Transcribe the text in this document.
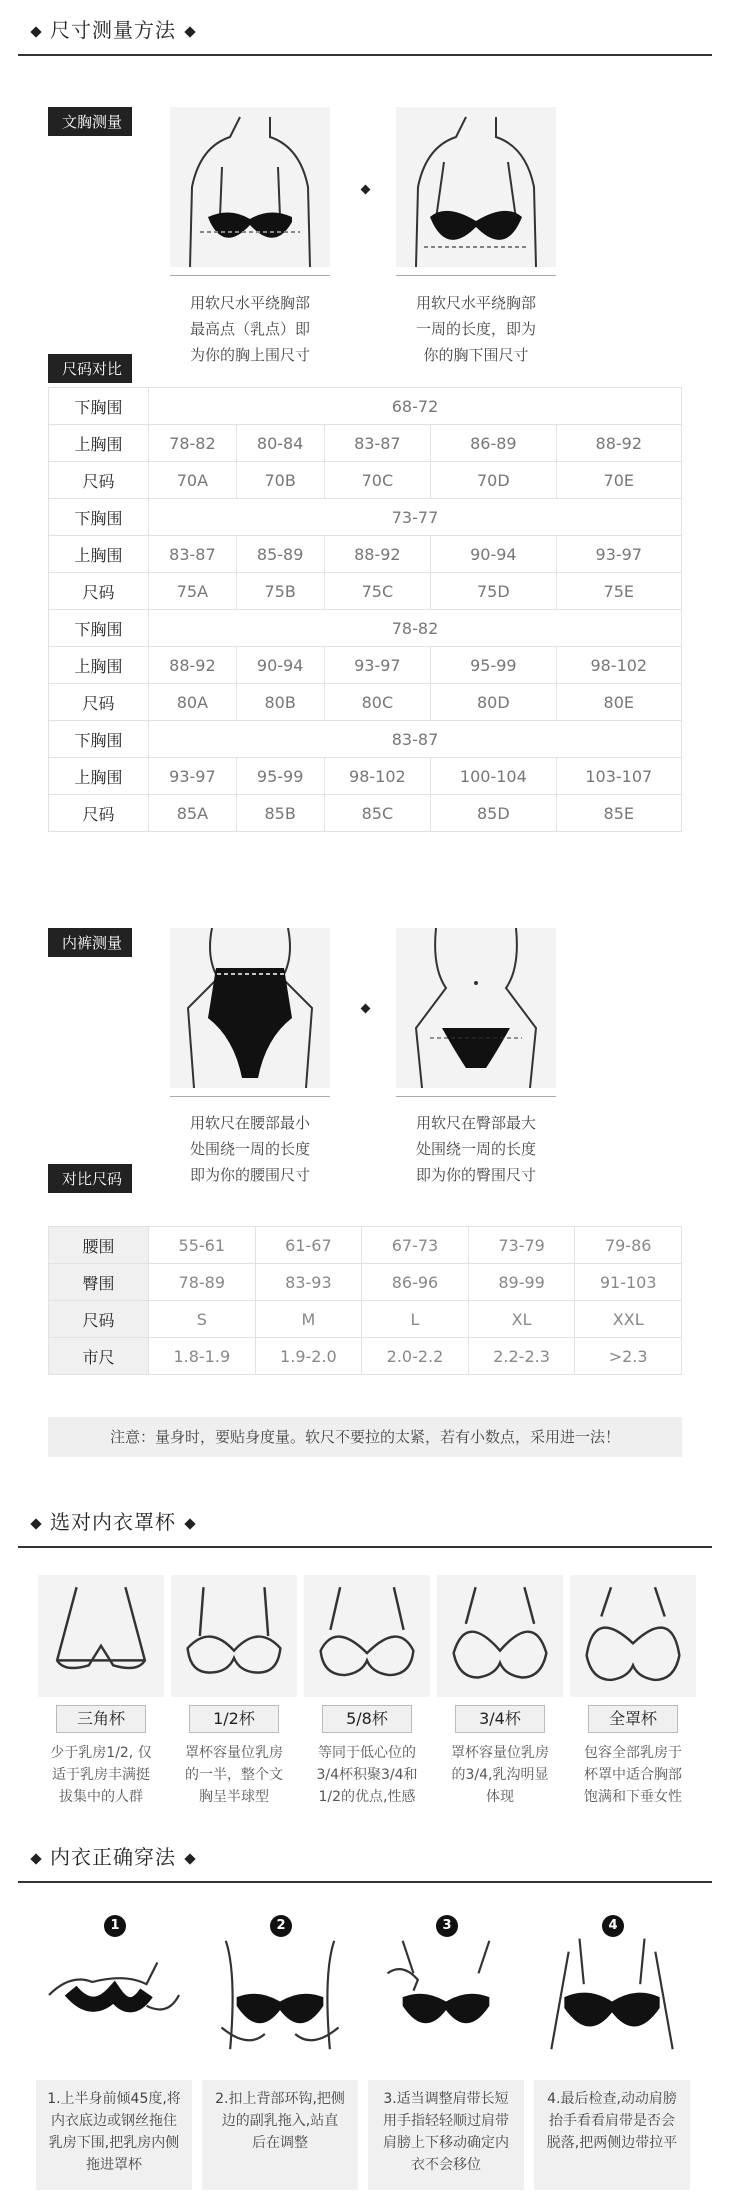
尺寸测量方法
文胸测量
用软尺水平绕胸部
最高点（乳点）即
为你的胸上围尺寸
用软尺水平绕胸部
一周的长度，即为
你的胸下围尺寸
尺码对比
下胸围	68-72				
上胸围	78-82	80-84	83-87	86-89	88-92
尺码	70A	70B	70C	70D	70E
下胸围	73-77				
上胸围	83-87	85-89	88-92	90-94	93-97
尺码	75A	75B	75C	75D	75E
下胸围	78-82				
上胸围	88-92	90-94	93-97	95-99	98-102
尺码	80A	80B	80C	80D	80E
下胸围	83-87				
上胸围	93-97	95-99	98-102	100-104	103-107
尺码	85A	85B	85C	85D	85E
内裤测量
用软尺在腰部最小
处围绕一周的长度
即为你的腰围尺寸
用软尺在臀部最大
处围绕一周的长度
即为你的臀围尺寸
对比尺码
腰围	55-61	61-67	67-73	73-79	79-86
臀围	78-89	83-93	86-96	89-99	91-103
尺码	S	M	L	XL	XXL
市尺	1.8-1.9	1.9-2.0	2.0-2.2	2.2-2.3	>2.3
注意：量身时，要贴身度量。软尺不要拉的太紧，若有小数点，采用进一法！
选对内衣罩杯
三角杯
少于乳房1/2, 仅
适于乳房丰满挺
拔集中的人群
1/2杯
罩杯容量位乳房
的一半，整个文
胸呈半球型
5/8杯
等同于低心位的
3/4杯积聚3/4和
1/2的优点,性感
3/4杯
罩杯容量位乳房
的3/4,乳沟明显
体现
全罩杯
包容全部乳房于
杯罩中适合胸部
饱满和下垂女性
内衣正确穿法
1
1.上半身前倾45度,将
内衣底边或钢丝拖住
乳房下围,把乳房内侧
拖进罩杯
2
2.扣上背部环钩,把侧
边的副乳拖入,站直
后在调整
3
3.适当调整肩带长短
用手指轻轻顺过肩带
肩膀上下移动确定内
衣不会移位
4
4.最后检查,动动肩膀
抬手看看肩带是否会
脱落,把两侧边带拉平
